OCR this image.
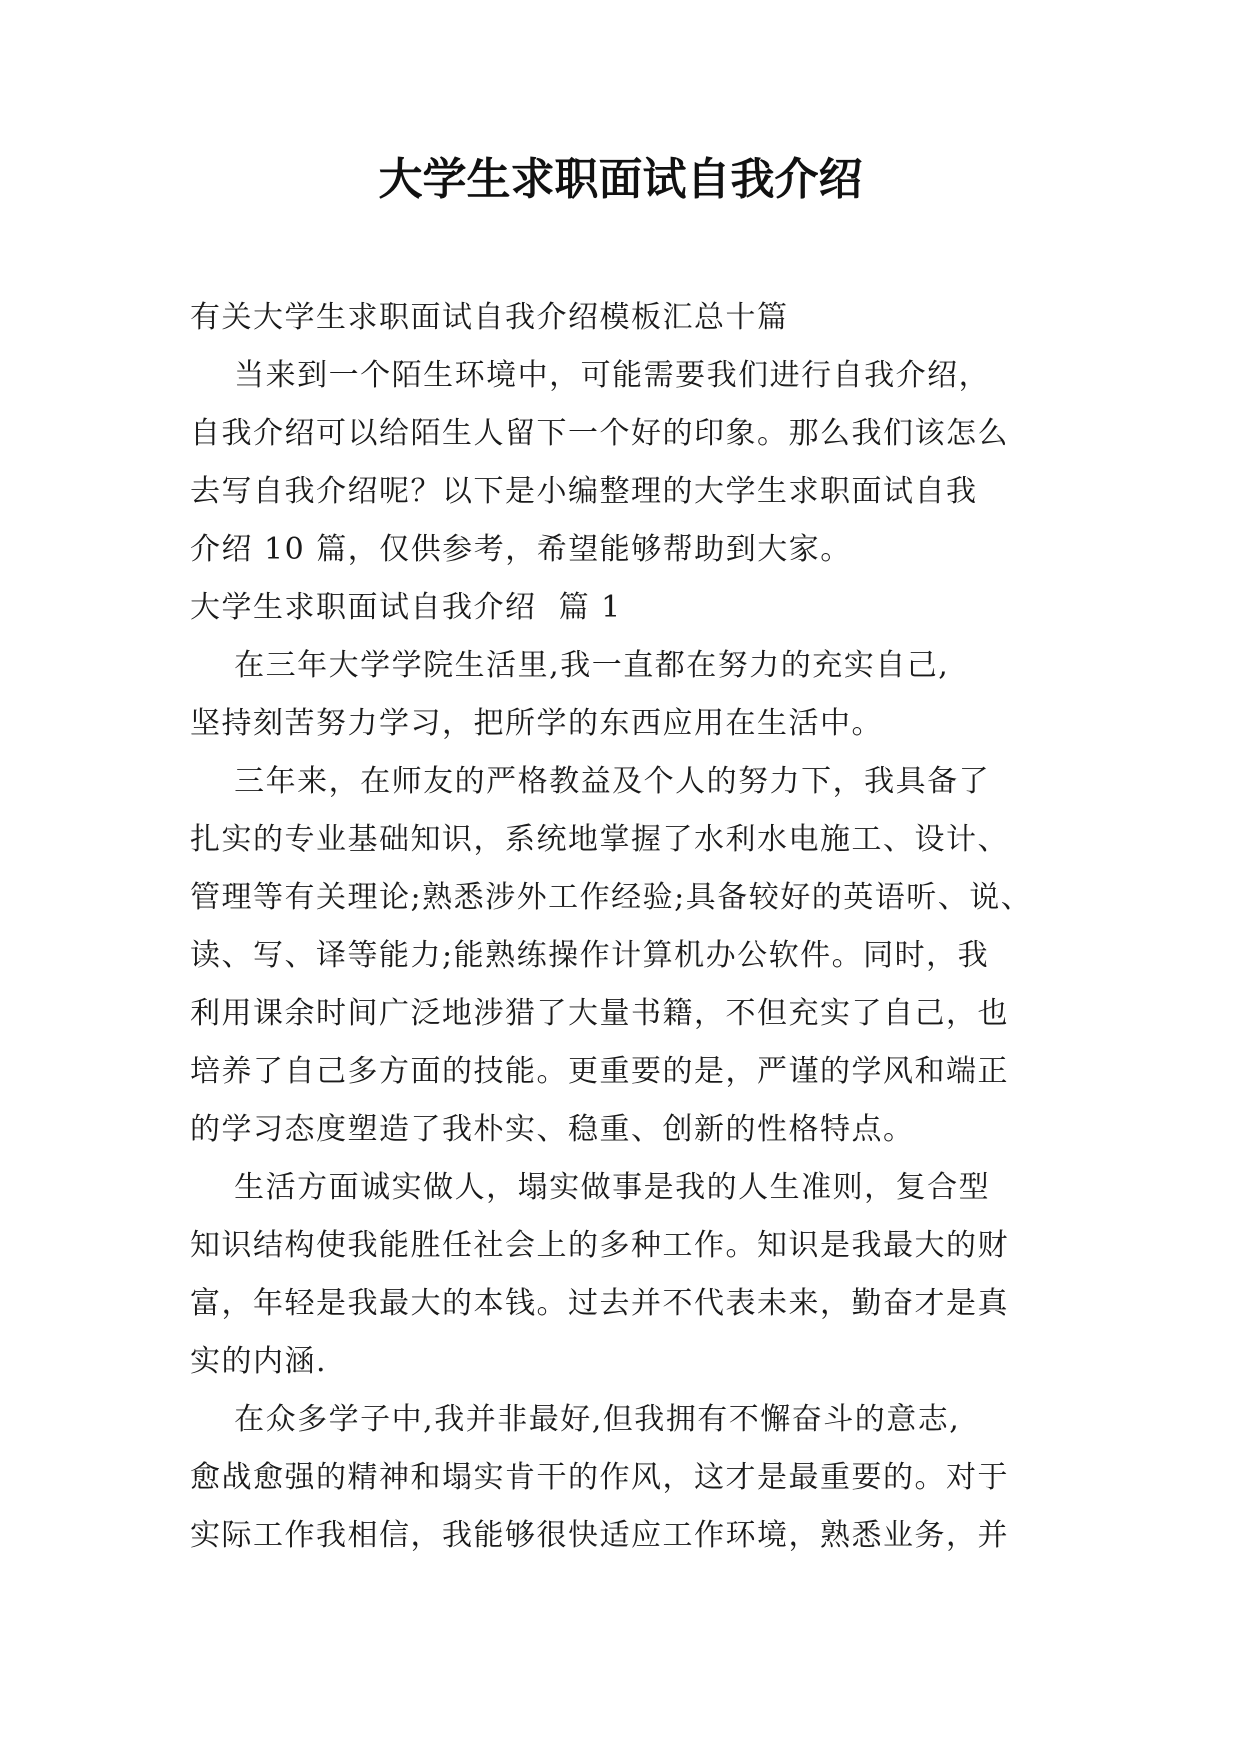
大学生求职面试自我介绍

有关大学生求职面试自我介绍模板汇总十篇

当来到一个陌生环境中，可能需要我们进行自我介绍，

自我介绍可以给陌生人留下一个好的印象。那么我们该怎么

去写自我介绍呢？以下是小编整理的大学生求职面试自我

介绍 10 篇，仅供参考，希望能够帮助到大家。

大学生求职面试自我介绍  篇 1

在三年大学学院生活里,我一直都在努力的充实自己,

坚持刻苦努力学习，把所学的东西应用在生活中。

三年来，在师友的严格教益及个人的努力下，我具备了

扎实的专业基础知识，系统地掌握了水利水电施工、设计、

管理等有关理论;熟悉涉外工作经验;具备较好的英语听、说、

读、写、译等能力;能熟练操作计算机办公软件。同时，我

利用课余时间广泛地涉猎了大量书籍，不但充实了自己，也

培养了自己多方面的技能。更重要的是，严谨的学风和端正

的学习态度塑造了我朴实、稳重、创新的性格特点。

生活方面诚实做人，塌实做事是我的人生准则，复合型

知识结构使我能胜任社会上的多种工作。知识是我最大的财

富，年轻是我最大的本钱。过去并不代表未来，勤奋才是真

实的内涵.

在众多学子中,我并非最好,但我拥有不懈奋斗的意志,

愈战愈强的精神和塌实肯干的作风，这才是最重要的。对于

实际工作我相信，我能够很快适应工作环境，熟悉业务，并
